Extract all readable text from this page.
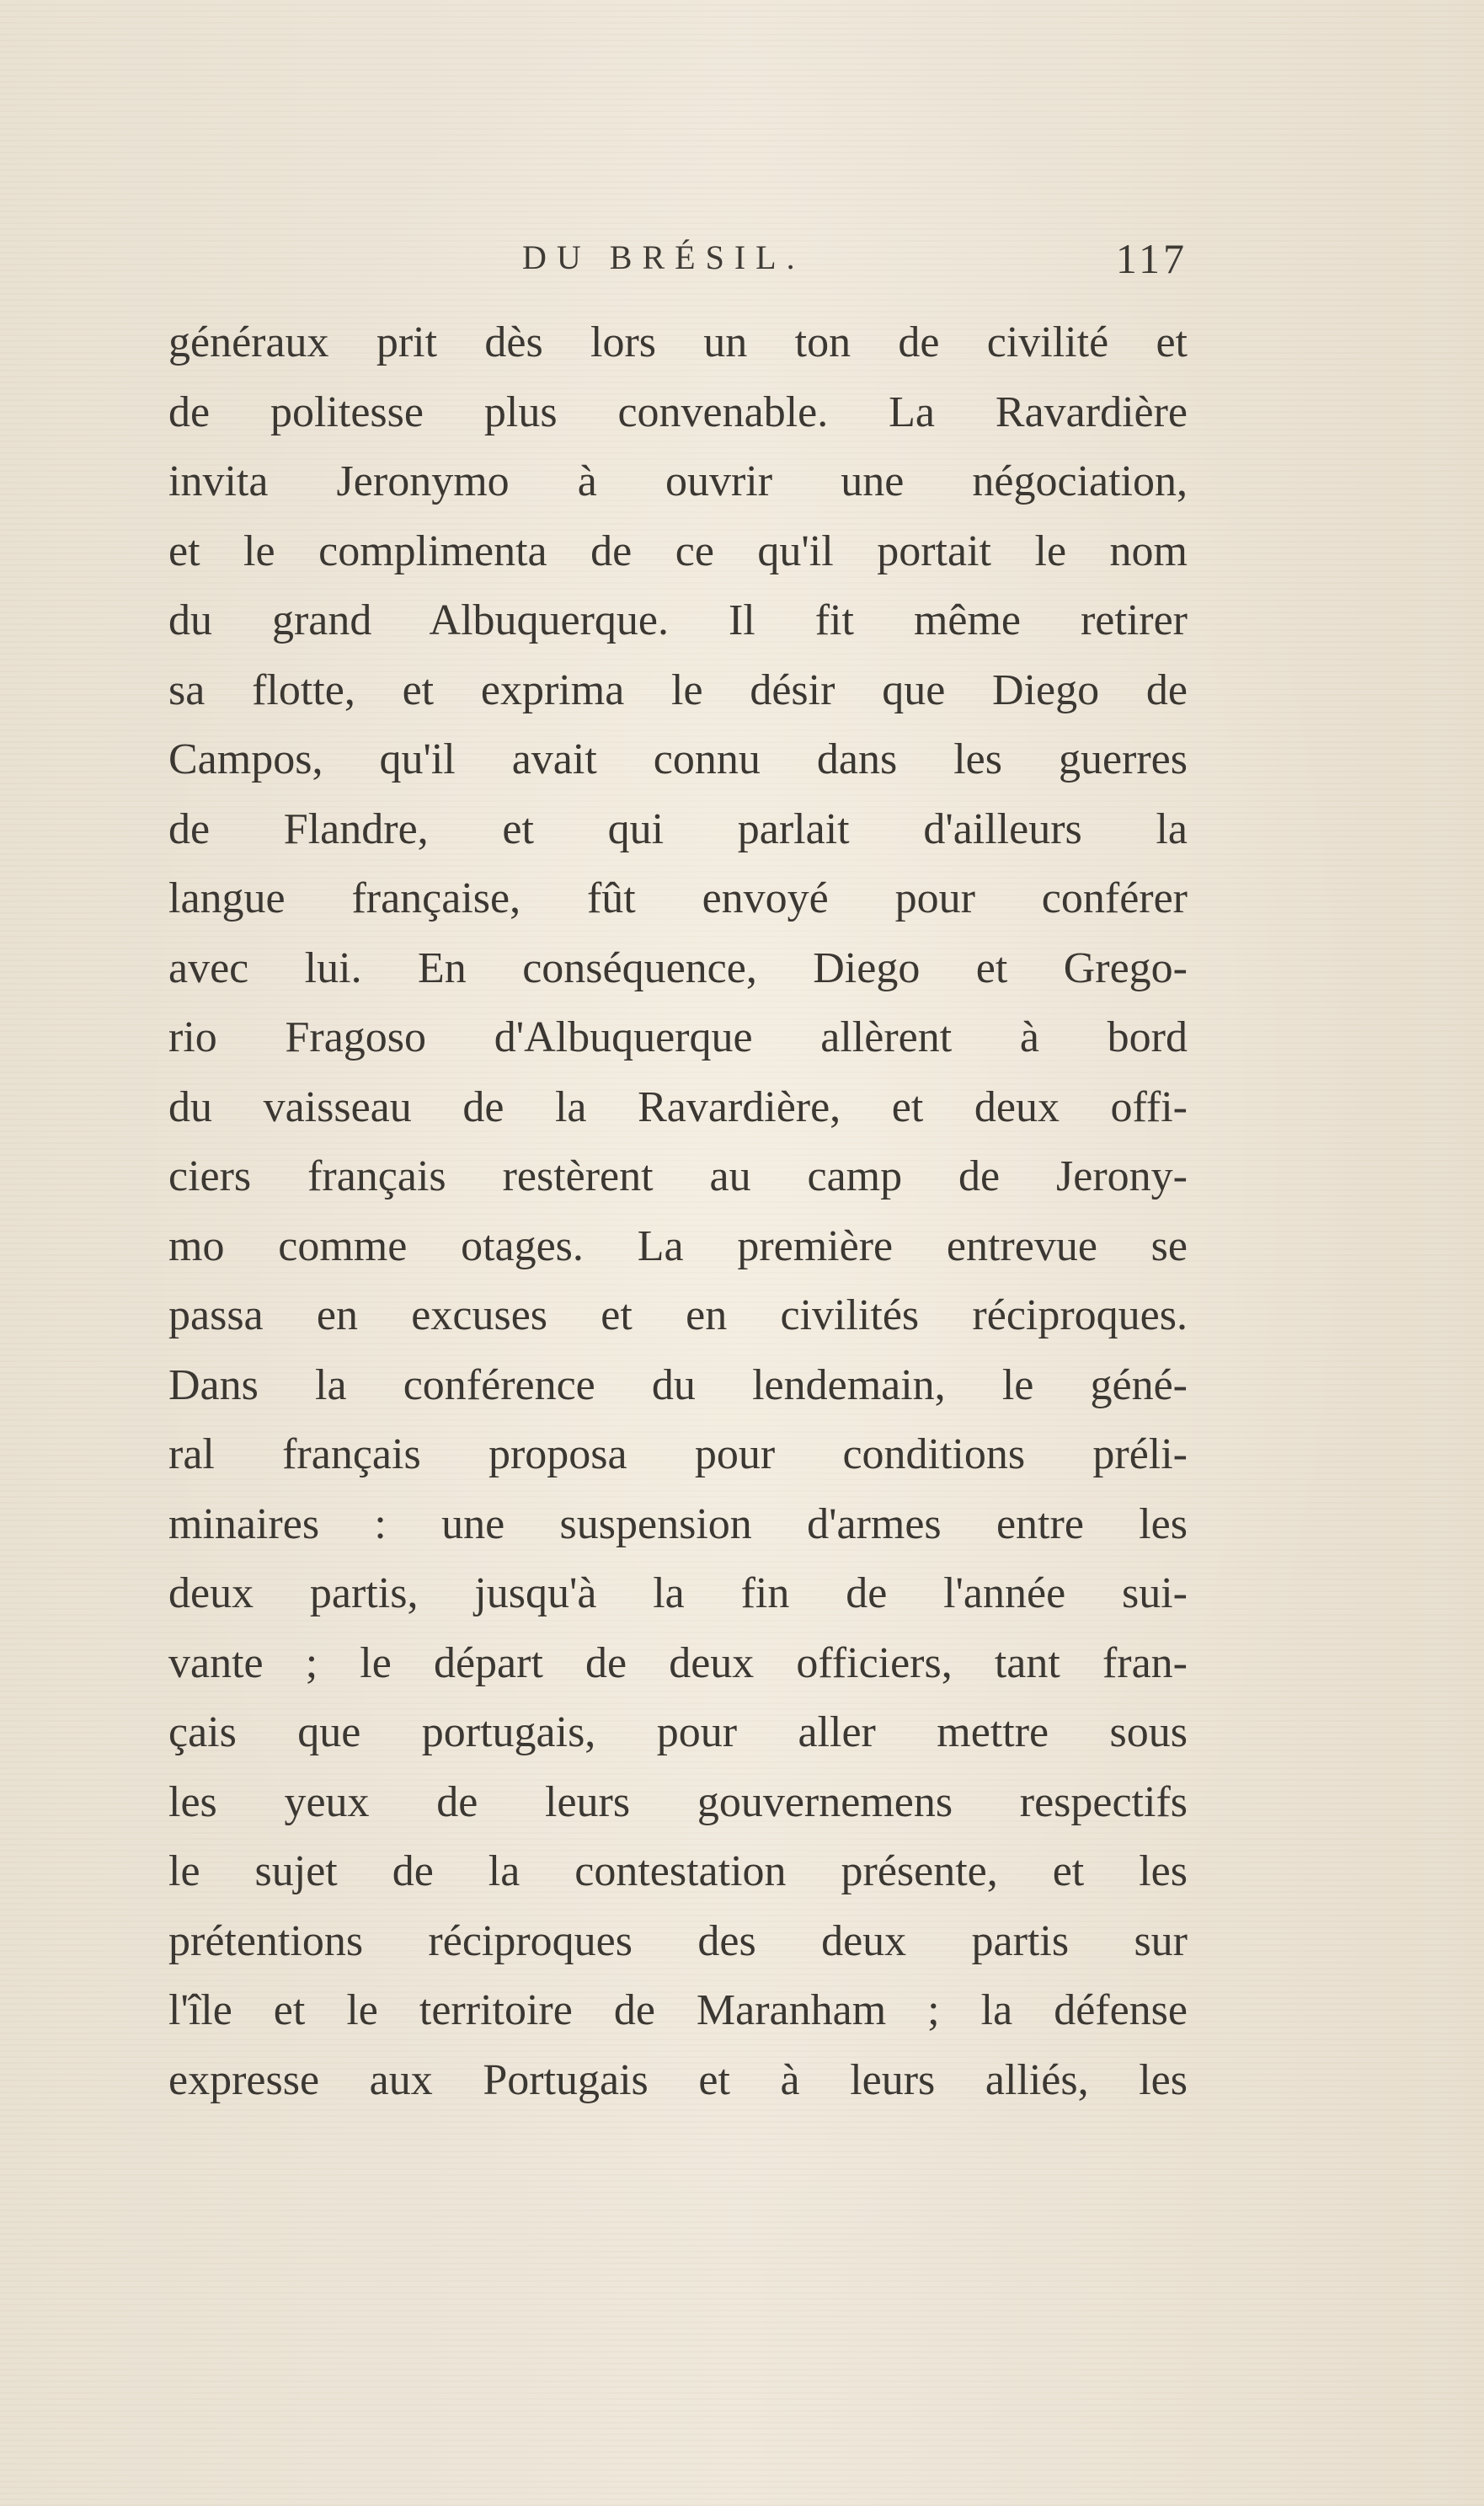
DU BRÉSIL.	117
généraux prit dès lors un ton de civilité et
de politesse plus convenable. La Ravardière
invita Jeronymo à ouvrir une négociation,
et le complimenta de ce qu'il portait le nom
du grand Albuquerque. Il fit même retirer
sa flotte, et exprima le désir que Diego de
Campos, qu'il avait connu dans les guerres
de Flandre, et qui parlait d'ailleurs la
langue française, fût envoyé pour conférer
avec lui. En conséquence, Diego et Grego-
rio Fragoso d'Albuquerque allèrent à bord
du vaisseau de la Ravardière, et deux offi-
ciers français restèrent au camp de Jerony-
mo comme otages. La première entrevue se
passa en excuses et en civilités réciproques.
Dans la conférence du lendemain, le géné-
ral français proposa pour conditions préli-
minaires : une suspension d'armes entre les
deux partis, jusqu'à la fin de l'année sui-
vante ; le départ de deux officiers, tant fran-
çais que portugais, pour aller mettre sous
les yeux de leurs gouvernemens respectifs
le sujet de la contestation présente, et les
prétentions réciproques des deux partis sur
l'île et le territoire de Maranham ; la défense
expresse aux Portugais et à leurs alliés, les
